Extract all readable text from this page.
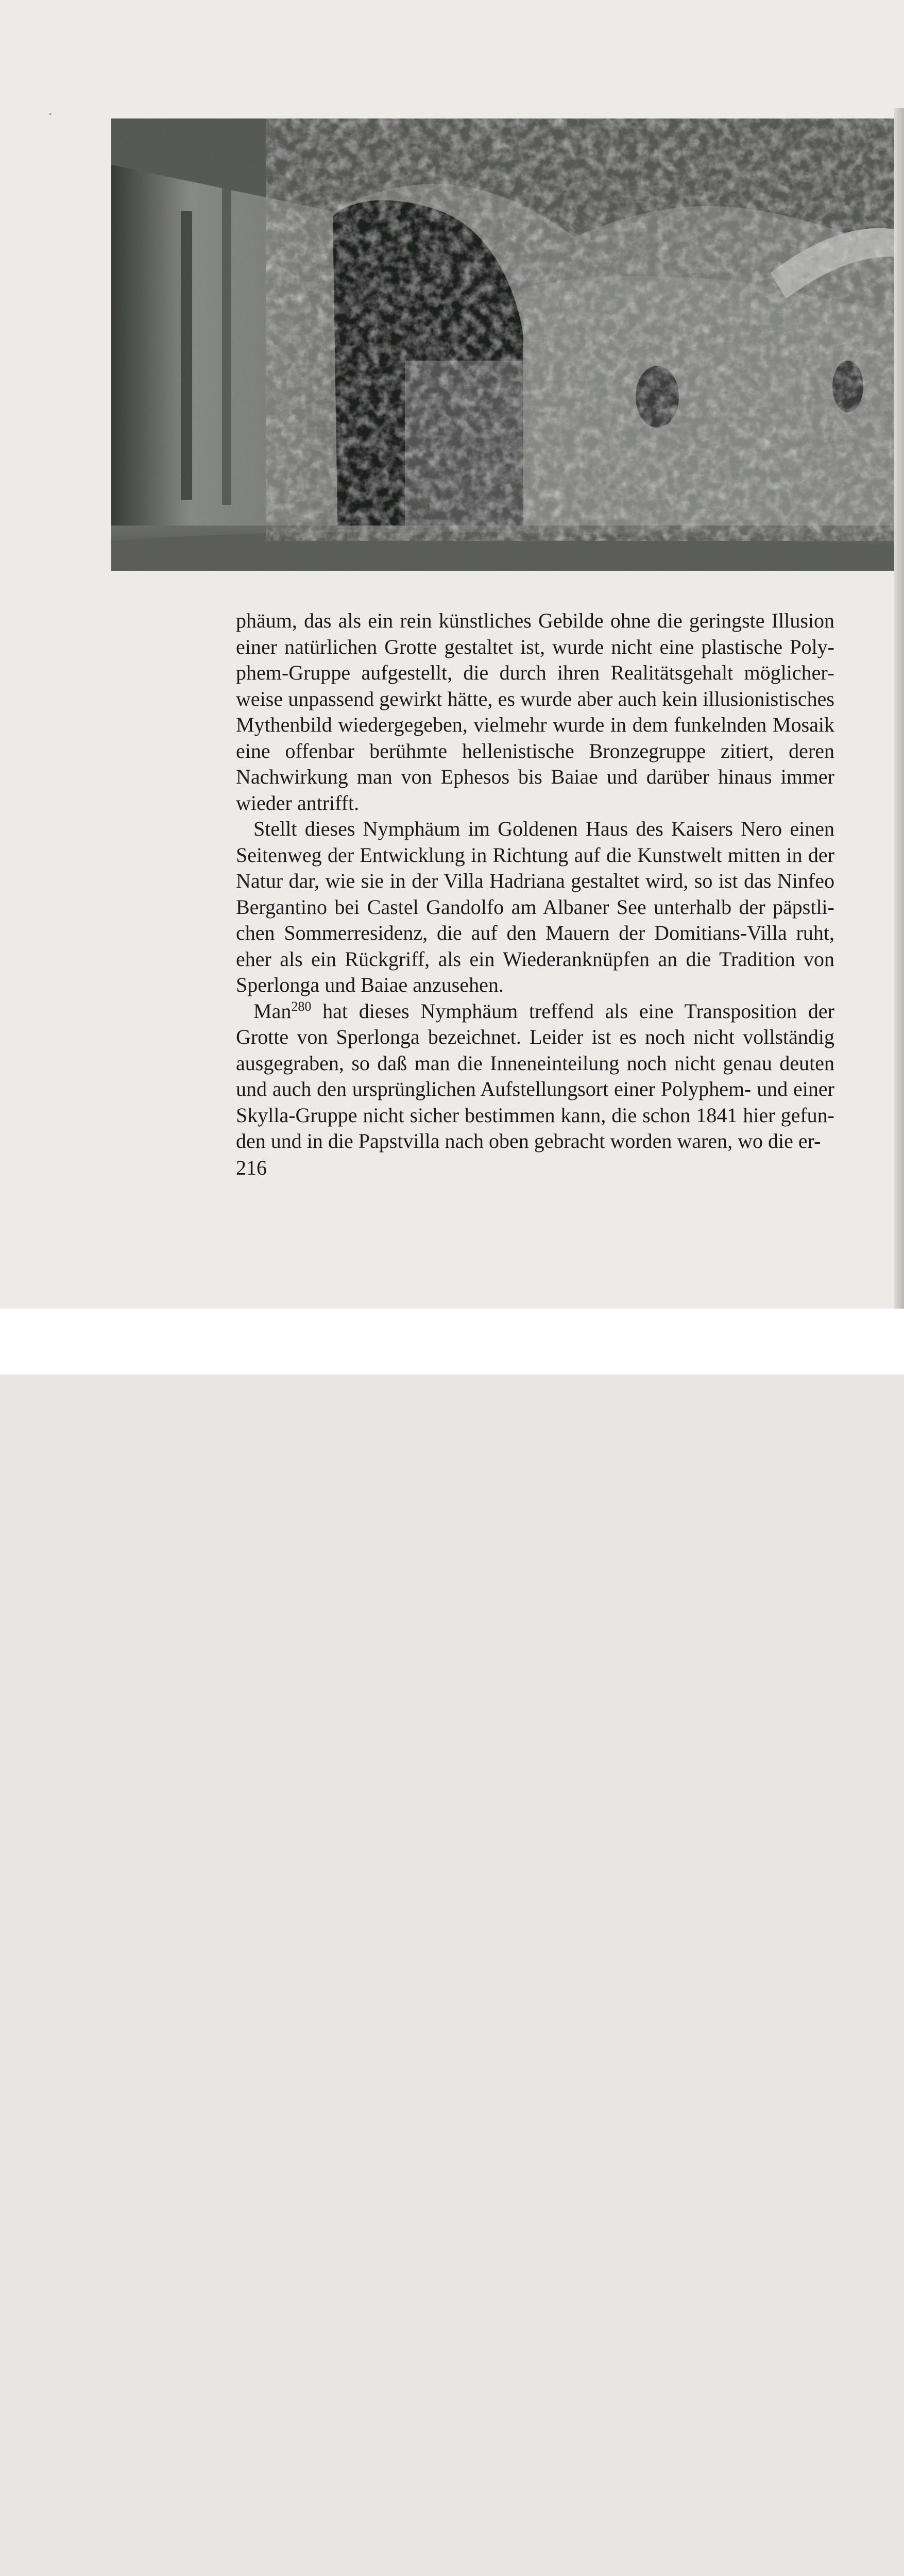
phäum, das als ein rein künstliches Gebilde ohne die geringste Illusion einer natürlichen Grotte gestaltet ist, wurde nicht eine plastische Polyphem-Gruppe aufgestellt, die durch ihren Realitätsgehalt möglicherweise unpassend gewirkt hätte, es wurde aber auch kein illusionistisches Mythenbild wiedergegeben, vielmehr wurde in dem funkelnden Mosaik eine offenbar berühmte hellenistische Bronzegruppe zitiert, deren Nachwirkung man von Ephesos bis Baiae und darüber hinaus immer wieder antrifft.

Stellt dieses Nymphäum im Goldenen Haus des Kaisers Nero einen Seitenweg der Entwicklung in Richtung auf die Kunstwelt mitten in der Natur dar, wie sie in der Villa Hadriana gestaltet wird, so ist das Ninfeo Bergantino bei Castel Gandolfo am Albaner See unterhalb der päpstlichen Sommerresidenz, die auf den Mauern der Domitians-Villa ruht, eher als ein Rückgriff, als ein Wiederanknüpfen an die Tradition von Sperlonga und Baiae anzusehen.

Man$^{280}$ hat dieses Nymphäum treffend als eine Transposition der Grotte von Sperlonga bezeichnet. Leider ist es noch nicht vollständig ausgegraben, so daß man die Inneneinteilung noch nicht genau deuten und auch den ursprünglichen Aufstellungsort einer Polyphem- und einer Skylla-Gruppe nicht sicher bestimmen kann, die schon 1841 hier gefunden und in die Papstvilla nach oben gebracht worden waren, wo die er-

216
